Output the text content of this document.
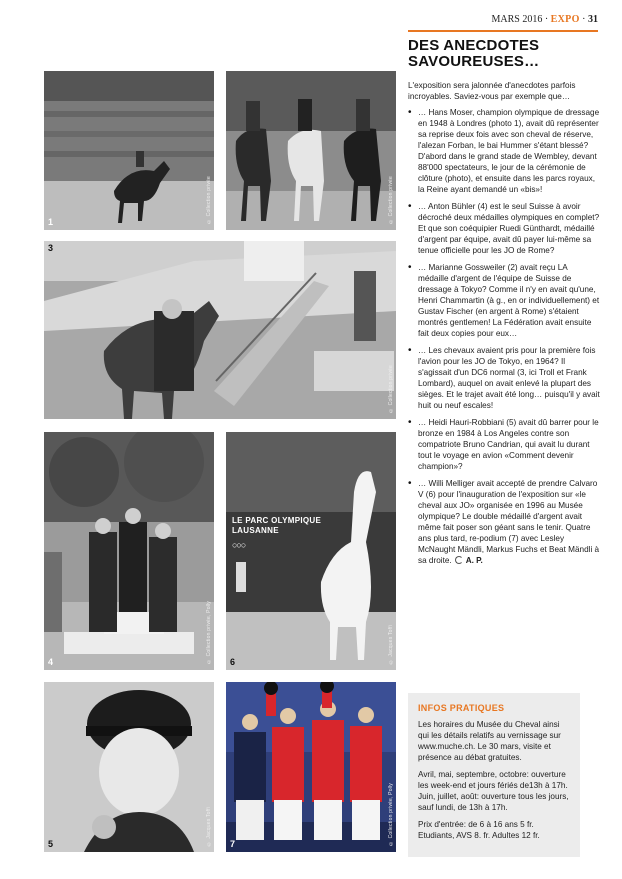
MARS 2016 · EXPO · 31
1	© Collection privée	© Collection privée
3
© Collection privée
4	© Collection privée, Polly
LE PARC OLYMPIQUE
LAUSANNE
○○○
6	© Jacques Toffi
5	© Jacques Toffi 7	© Collection privée, Polly
DES ANECDOTES
SAVOUREUSES…

L'exposition sera jalonnée d'anecdotes parfois incroyables. Saviez-vous par exemple que…

• … Hans Moser, champion olympique de dressage en 1948 à Londres (photo 1), avait dû représenter sa reprise deux fois avec son cheval de réserve, l'alezan Forban, le bai Hummer s'étant blessé? D'abord dans le grand stade de Wembley, devant 88'000 spectateurs, le jour de la cérémonie de clôture (photo), et ensuite dans les parcs royaux, la Reine ayant demandé un «bis»!
• … Anton Bühler (4) est le seul Suisse à avoir décroché deux médailles olympiques en complet? Et que son coéquipier Ruedi Günthardt, médaillé d'argent par équipe, avait dû payer lui-même sa tenue officielle pour les JO de Rome?
• … Marianne Gossweiler (2) avait reçu LA médaille d'argent de l'équipe de Suisse de dressage à Tokyo? Comme il n'y en avait qu'une, Henri Chammartin (à g., en or individuellement) et Gustav Fischer (en argent à Rome) s'étaient montrés gentlemen! La Fédération avait ensuite fait deux copies pour eux…
• … Les chevaux avaient pris pour la première fois l'avion pour les JO de Tokyo, en 1964? Il s'agissait d'un DC6 normal (3, ici Troll et Frank Lombard), auquel on avait enlevé la plupart des sièges. Et le trajet avait été long… puisqu'il y avait huit ou neuf escales!
• … Heidi Hauri-Robbiani (5) avait dû barrer pour le bronze en 1984 à Los Angeles contre son compatriote Bruno Candrian, qui avait lu durant tout le voyage en avion «Comment devenir champion»?
• … Willi Melliger avait accepté de prendre Calvaro V (6) pour l'inauguration de l'exposition sur «le cheval aux JO» organisée en 1996 au Musée olympique? Le double médaillé d'argent avait même fait poser son géant sans le tenir. Quatre ans plus tard, re-podium (7) avec Lesley McNaught Mändli, Markus Fuchs et Beat Mändli à sa droite. A. P.
INFOS PRATIQUES

Les horaires du Musée du Cheval ainsi qui les détails relatifs au vernissage sur www.muche.ch. Le 30 mars, visite et présence au débat gratuites.

Avril, mai, septembre, octobre: ouverture les week-end et jours fériés de13h à 17h. Juin, juillet, août: ouverture tous les jours, sauf lundi, de 13h à 17h.

Prix d'entrée: de 6 à 16 ans 5 fr. Etudiants, AVS 8. fr. Adultes 12 fr.
